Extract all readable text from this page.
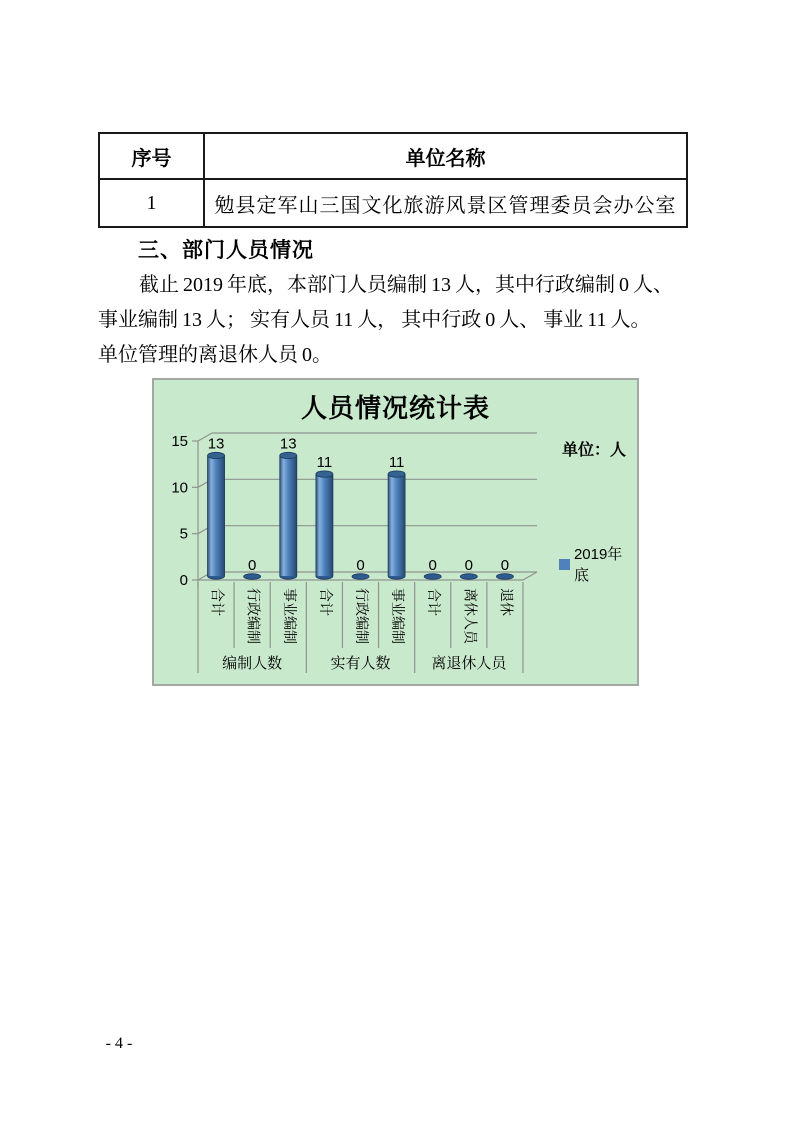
序号	单位名称
1	勉县定军山三国文化旅游风景区管理委员会办公室
三、部门人员情况
截止 2019 年底，本部门人员编制 13 人，其中行政编制 0 人、
事业编制 13 人； 实有人员 11 人， 其中行政 0 人、 事业 11 人。
单位管理的离退休人员 0。
0
5
10
15
合计 行政编制 事业编制 合计 行政编制 事业编制 合计 离休人员 退休
编制人数	实有人数	离退休人员
13
0
13
11
0
11
0 0 0
人员情况统计表
单位：人
2019年底
- 4 -
